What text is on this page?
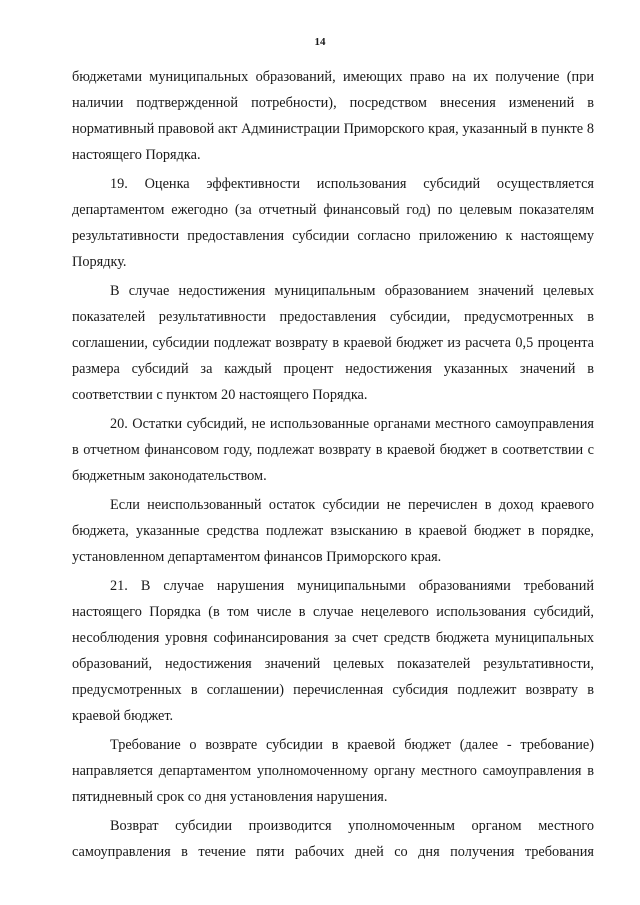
14

бюджетами муниципальных образований, имеющих право на их получение (при наличии подтвержденной потребности), посредством внесения изменений в нормативный правовой акт Администрации Приморского края, указанный в пункте 8 настоящего Порядка.

19. Оценка эффективности использования субсидий осуществляется департаментом ежегодно (за отчетный финансовый год) по целевым показателям результативности предоставления субсидии согласно приложению к настоящему Порядку.

В случае недостижения муниципальным образованием значений целевых показателей результативности предоставления субсидии, предусмотренных в соглашении, субсидии подлежат возврату в краевой бюджет из расчета 0,5 процента размера субсидий за каждый процент недостижения указанных значений в соответствии с пунктом 20 настоящего Порядка.

20. Остатки субсидий, не использованные органами местного самоуправления в отчетном финансовом году, подлежат возврату в краевой бюджет в соответствии с бюджетным законодательством.

Если неиспользованный остаток субсидии не перечислен в доход краевого бюджета, указанные средства подлежат взысканию в краевой бюджет в порядке, установленном департаментом финансов Приморского края.

21. В случае нарушения муниципальными образованиями требований настоящего Порядка (в том числе в случае нецелевого использования субсидий, несоблюдения уровня софинансирования за счет средств бюджета муниципальных образований, недостижения значений целевых показателей результативности, предусмотренных в соглашении) перечисленная субсидия подлежит возврату в краевой бюджет.

Требование о возврате субсидии в краевой бюджет (далее - требование) направляется департаментом уполномоченному органу местного самоуправления в пятидневный срок со дня установления нарушения.

Возврат субсидии производится уполномоченным органом местного самоуправления в течение пяти рабочих дней со дня получения требования
